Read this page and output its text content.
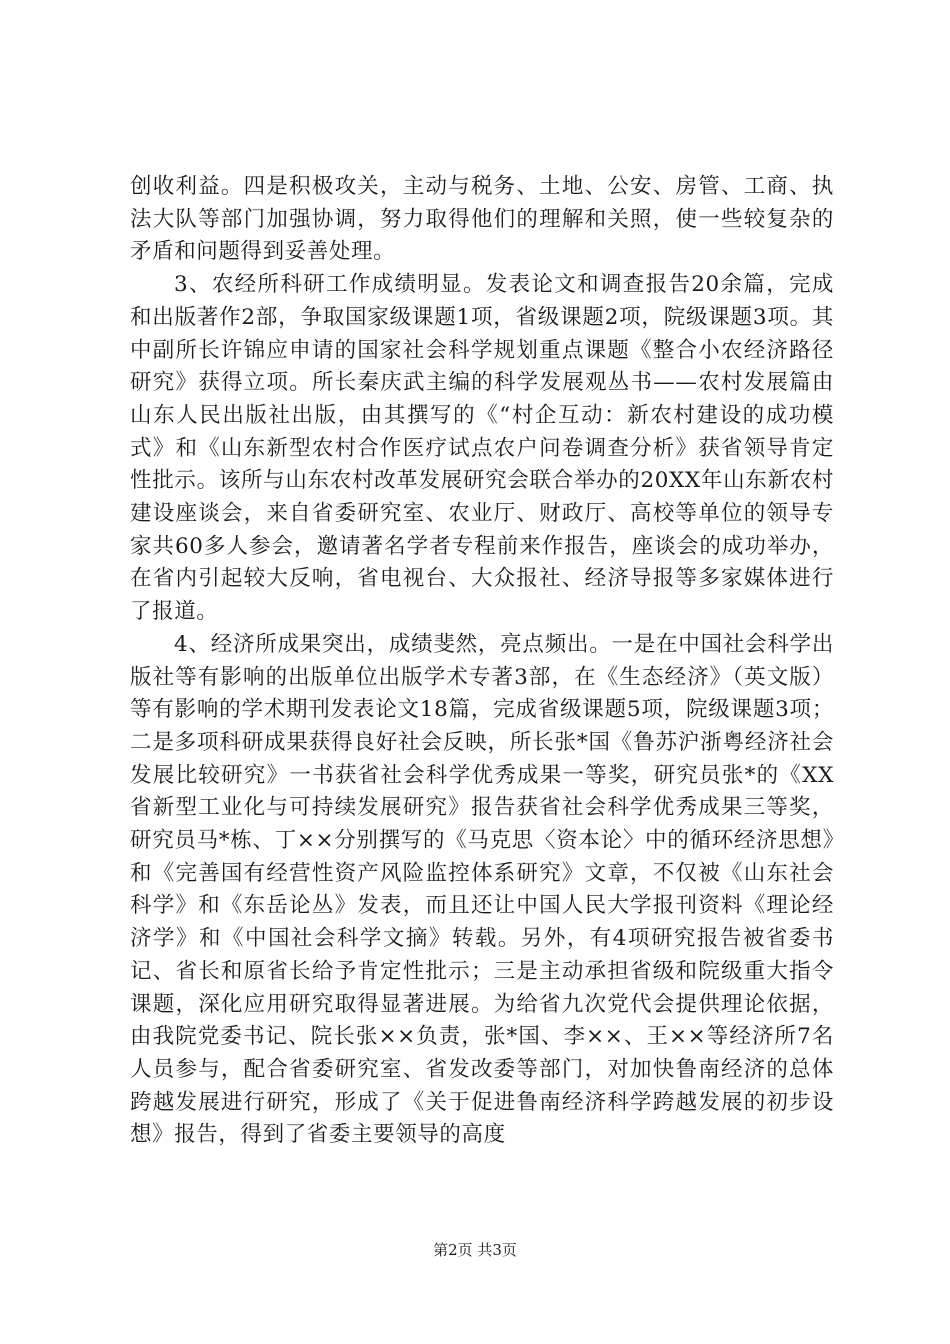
创收利益。四是积极攻关，主动与税务、土地、公安、房管、工商、执法大队等部门加强协调，努力取得他们的理解和关照，使一些较复杂的矛盾和问题得到妥善处理。

3、农经所科研工作成绩明显。发表论文和调查报告20余篇，完成和出版著作2部，争取国家级课题1项，省级课题2项，院级课题3项。其中副所长许锦应申请的国家社会科学规划重点课题《整合小农经济路径研究》获得立项。所长秦庆武主编的科学发展观丛书——农村发展篇由山东人民出版社出版，由其撰写的《“村企互动：新农村建设的成功模式》和《山东新型农村合作医疗试点农户问卷调查分析》获省领导肯定性批示。该所与山东农村改革发展研究会联合举办的20XX年山东新农村建设座谈会，来自省委研究室、农业厅、财政厅、高校等单位的领导专家共60多人参会，邀请著名学者专程前来作报告，座谈会的成功举办，在省内引起较大反响，省电视台、大众报社、经济导报等多家媒体进行了报道。

4、经济所成果突出，成绩斐然，亮点频出。一是在中国社会科学出版社等有影响的出版单位出版学术专著3部，在《生态经济》（英文版）等有影响的学术期刊发表论文18篇，完成省级课题5项，院级课题3项；二是多项科研成果获得良好社会反映，所长张*国《鲁苏沪浙粤经济社会发展比较研究》一书获省社会科学优秀成果一等奖，研究员张*的《XX省新型工业化与可持续发展研究》报告获省社会科学优秀成果三等奖，研究员马*栋、丁××分别撰写的《马克思〈资本论〉中的循环经济思想》和《完善国有经营性资产风险监控体系研究》文章，不仅被《山东社会科学》和《东岳论丛》发表，而且还让中国人民大学报刊资料《理论经济学》和《中国社会科学文摘》转载。另外，有4项研究报告被省委书记、省长和原省长给予肯定性批示；三是主动承担省级和院级重大指令课题，深化应用研究取得显著进展。为给省九次党代会提供理论依据，由我院党委书记、院长张××负责，张*国、李××、王××等经济所7名人员参与，配合省委研究室、省发改委等部门，对加快鲁南经济的总体跨越发展进行研究，形成了《关于促进鲁南经济科学跨越发展的初步设想》报告，得到了省委主要领导的高度

第2页 共3页
